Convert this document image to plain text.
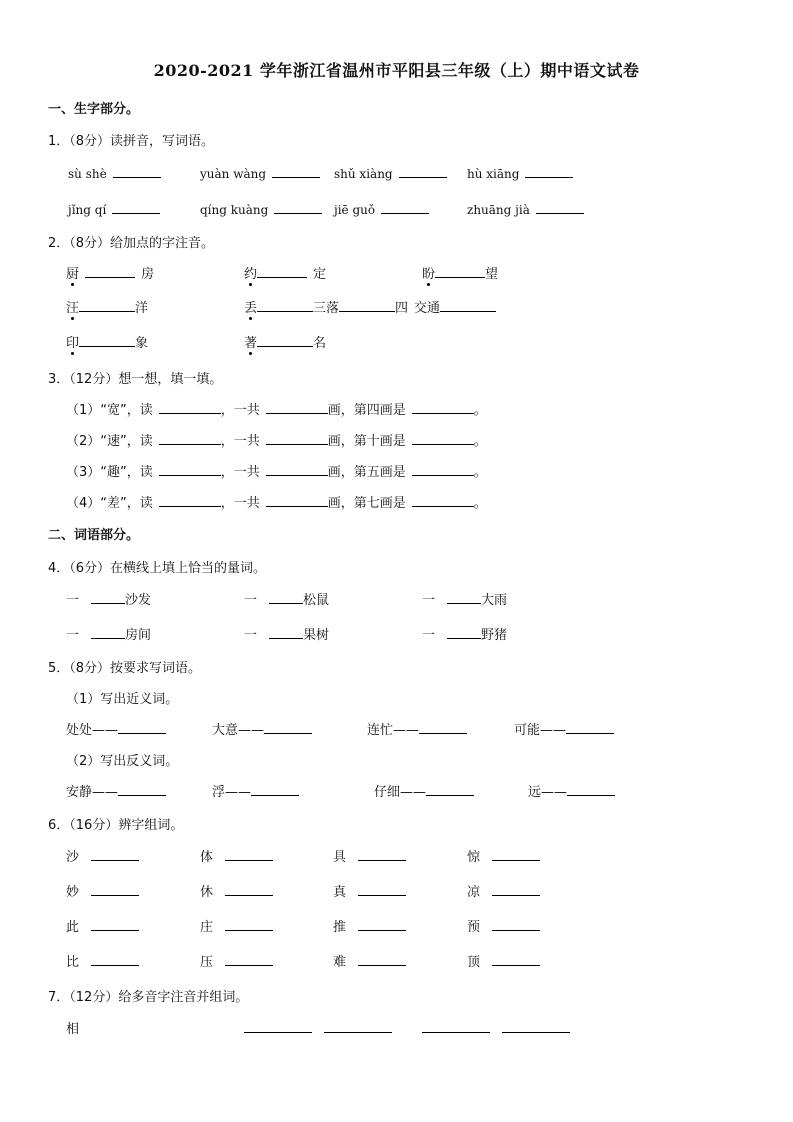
2020-2021 学年浙江省温州市平阳县三年级（上）期中语文试卷
一、生字部分。
1．（8分）读拼音，写词语。
sù shè	yuàn wàng	shǔ xiàng	hù xiāng
jǐng qí	qíng kuàng	jiē guǒ	zhuāng jià
2．（8分）给加点的字注音。
厨	房	约	定	盼	望
汪	洋	丢	三落	四 交通
印	象	著	名
3．（12分）想一想，填一填。
（1）“宽”，读	，一共	画，第四画是	。
（2）“速”，读	，一共	画，第十画是	。
（3）“趣”，读	，一共	画，第五画是	。
（4）“差”，读	，一共	画，第七画是	。
二、词语部分。
4．（6分）在横线上填上恰当的量词。
一	沙发	一	松鼠	一	大雨
一	房间	一	果树	一	野猪
5．（8分）按要求写词语。
（1）写出近义词。
处处——	大意——	连忙——	可能——
（2）写出反义词。
安静——	浮——	仔细——	远——
6．（16分）辨字组词。
沙	体	具	惊
妙	休	真	凉
此	庄	推	预
比	压	难	顶
7．（12分）给多音字注音并组词。
相
